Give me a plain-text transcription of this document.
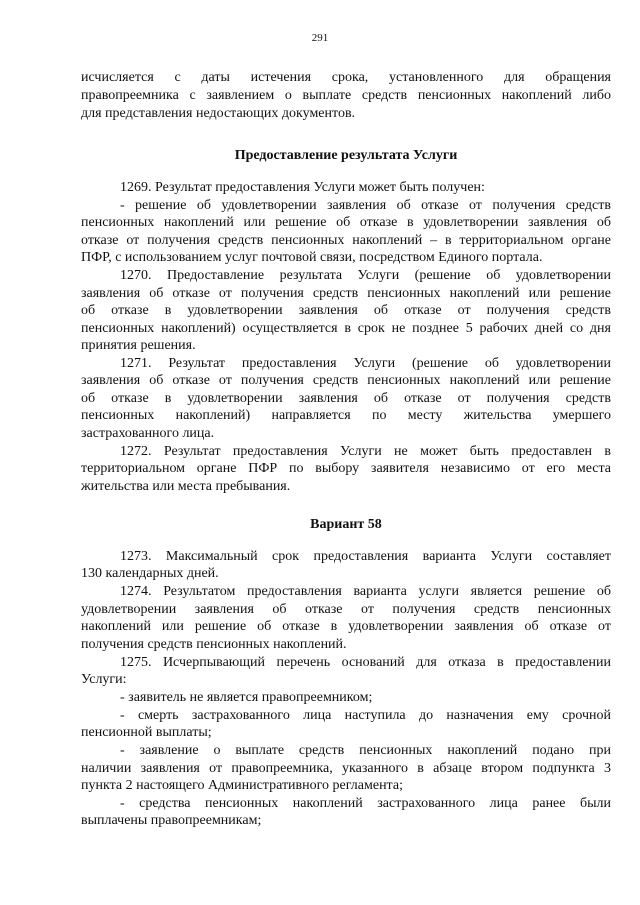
291
исчисляется с даты истечения срока, установленного для обращения
правопреемника с заявлением о выплате средств пенсионных накоплений либо
для представления недостающих документов.
Предоставление результата Услуги
1269. Результат предоставления Услуги может быть получен:
- решение об удовлетворении заявления об отказе от получения средств
пенсионных накоплений или решение об отказе в удовлетворении заявления об
отказе от получения средств пенсионных накоплений – в территориальном органе
ПФР, с использованием услуг почтовой связи, посредством Единого портала.
1270. Предоставление результата Услуги (решение об удовлетворении
заявления об отказе от получения средств пенсионных накоплений или решение
об отказе в удовлетворении заявления об отказе от получения средств
пенсионных накоплений) осуществляется в срок не позднее 5 рабочих дней со дня
принятия решения.
1271. Результат предоставления Услуги (решение об удовлетворении
заявления об отказе от получения средств пенсионных накоплений или решение
об отказе в удовлетворении заявления об отказе от получения средств
пенсионных накоплений) направляется по месту жительства умершего
застрахованного лица.
1272. Результат предоставления Услуги не может быть предоставлен в
территориальном органе ПФР по выбору заявителя независимо от его места
жительства или места пребывания.
Вариант 58
1273. Максимальный срок предоставления варианта Услуги составляет
130 календарных дней.
1274. Результатом предоставления варианта услуги является решение об
удовлетворении заявления об отказе от получения средств пенсионных
накоплений или решение об отказе в удовлетворении заявления об отказе от
получения средств пенсионных накоплений.
1275. Исчерпывающий перечень оснований для отказа в предоставлении
Услуги:
- заявитель не является правопреемником;
- смерть застрахованного лица наступила до назначения ему срочной
пенсионной выплаты;
- заявление о выплате средств пенсионных накоплений подано при
наличии заявления от правопреемника, указанного в абзаце втором подпункта 3
пункта 2 настоящего Административного регламента;
- средства пенсионных накоплений застрахованного лица ранее были
выплачены правопреемникам;
